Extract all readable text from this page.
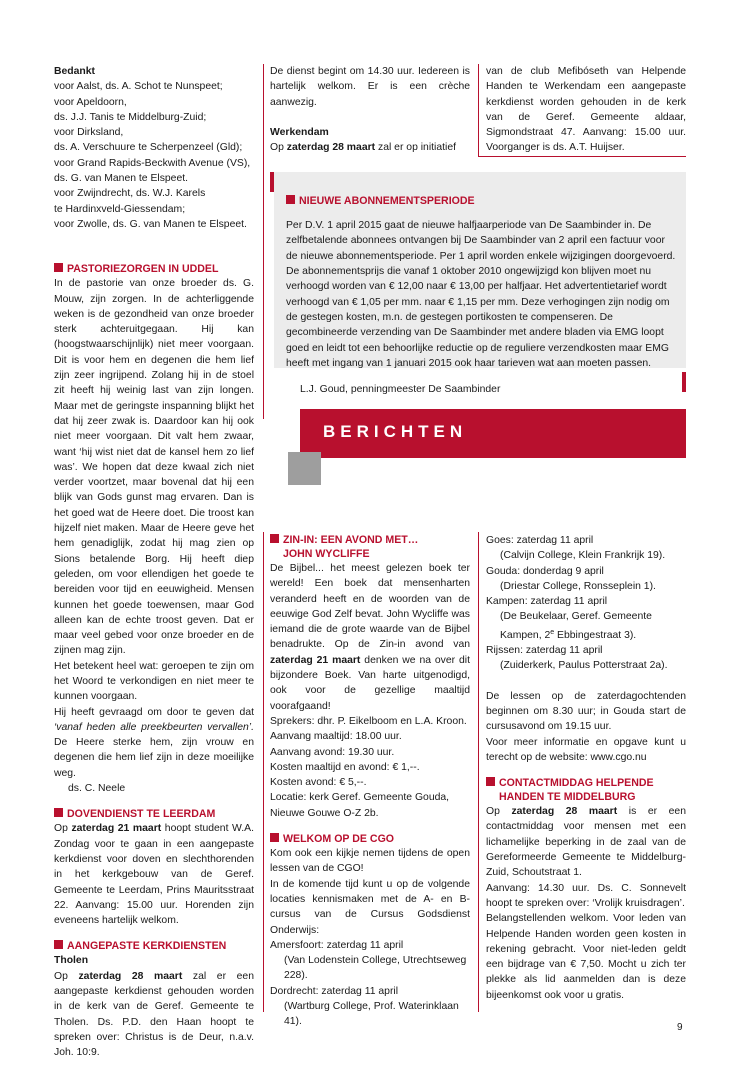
Bedankt

voor Aalst, ds. A. Schot te Nunspeet;

voor Apeldoorn,

ds. J.J. Tanis te Middelburg-Zuid;

voor Dirksland,

ds. A. Verschuure te Scherpenzeel (Gld);

voor Grand Rapids-Beckwith Avenue (VS),

ds. G. van Manen te Elspeet.

voor Zwijndrecht, ds. W.J. Karels

te Hardinxveld-Giessendam;

voor Zwolle, ds. G. van Manen te Elspeet.

PASTORIEZORGEN IN UDDEL

In de pastorie van onze broeder ds. G. Mouw, zijn zorgen. In de achterliggende weken is de gezondheid van onze broeder sterk achteruitgegaan. Hij kan (hoogstwaarschijnlijk) niet meer voorgaan. Dit is voor hem en degenen die hem lief zijn zeer ingrijpend. Zolang hij in de stoel zit heeft hij weinig last van zijn longen. Maar met de geringste inspanning blijkt het dat hij zeer zwak is. Daardoor kan hij ook niet meer voorgaan. Dit valt hem zwaar, want ‘hij wist niet dat de kansel hem zo lief was’. We hopen dat deze kwaal zich niet verder voortzet, maar bovenal dat hij een blijk van Gods gunst mag ervaren. Dan is het goed wat de Heere doet. Die troost kan hijzelf niet maken. Maar de Heere geve het hem genadiglijk, zodat hij mag zien op Sions betalende Borg. Hij heeft diep geleden, om voor ellendigen het goede te bereiden voor tijd en eeuwigheid. Mensen kunnen het goede toewensen, maar God alleen kan de echte troost geven. Dat er maar veel gebed voor onze broeder en de zijnen mag zijn.

Het betekent heel wat: geroepen te zijn om het Woord te verkondigen en niet meer te kunnen voorgaan.

Hij heeft gevraagd om door te geven dat ‘vanaf heden alle preekbeurten vervallen’. De Heere sterke hem, zijn vrouw en degenen die hem lief zijn in deze moeilijke weg.

ds. C. Neele

DOVENDIENST TE LEERDAM

Op zaterdag 21 maart hoopt student W.A. Zondag voor te gaan in een aangepaste kerkdienst voor doven en slechthorenden in het kerkgebouw van de Geref. Gemeente te Leerdam, Prins Mauritsstraat 22. Aanvang: 15.00 uur. Horenden zijn eveneens hartelijk welkom.

AANGEPASTE KERKDIENSTEN

Tholen

Op zaterdag 28 maart zal er een aangepaste kerkdienst gehouden worden in de kerk van de Geref. Gemeente te Tholen. Ds. P.D. den Haan hoopt te spreken over: Christus is de Deur, n.a.v. Joh. 10:9.

De dienst begint om 14.30 uur. Iedereen is hartelijk welkom. Er is een crèche aanwezig.

Werkendam

Op zaterdag 28 maart zal er op initiatief

van de club Mefibóseth van Helpende Handen te Werkendam een aangepaste kerkdienst worden gehouden in de kerk van de Geref. Gemeente aldaar, Sigmondstraat 47. Aanvang: 15.00 uur. Voorganger is ds. A.T. Huijser.

NIEUWE ABONNEMENTSPERIODE

Per D.V. 1 april 2015 gaat de nieuwe halfjaarperiode van De Saambinder in. De zelfbetalende abonnees ontvangen bij De Saambinder van 2 april een factuur voor de nieuwe abonnementsperiode. Per 1 april worden enkele wijzigingen doorgevoerd. De abonnementsprijs die vanaf 1 oktober 2010 ongewijzigd kon blijven moet nu verhoogd worden van € 12,00 naar € 13,00 per halfjaar. Het advertentietarief wordt verhoogd van € 1,05 per mm. naar € 1,15 per mm. Deze verhogingen zijn nodig om de gestegen kosten, m.n. de gestegen portikosten te compenseren. De gecombineerde verzending van De Saambinder met andere bladen via EMG loopt goed en leidt tot een behoorlijke reductie op de reguliere verzendkosten maar EMG heeft met ingang van 1 januari 2015 ook haar tarieven wat aan moeten passen.

L.J. Goud, penningmeester De Saambinder

BERICHTEN

ZIN-IN: EEN AVOND MET…

JOHN WYCLIFFE

De Bijbel... het meest gelezen boek ter wereld! Een boek dat mensenharten veranderd heeft en de woorden van de eeuwige God Zelf bevat. John Wycliffe was iemand die de grote waarde van de Bijbel benadrukte. Op de Zin-in avond van zaterdag 21 maart denken we na over dit bijzondere Boek. Van harte uitgenodigd, ook voor de gezellige maaltijd voorafgaand!

Sprekers: dhr. P. Eikelboom en L.A. Kroon.

Aanvang maaltijd: 18.00 uur.

Aanvang avond: 19.30 uur.

Kosten maaltijd en avond: € 1,--.

Kosten avond: € 5,--.

Locatie: kerk Geref. Gemeente Gouda,

Nieuwe Gouwe O-Z 2b.

WELKOM OP DE CGO

Kom ook een kijkje nemen tijdens de open lessen van de CGO!

In de komende tijd kunt u op de volgende locaties kennismaken met de A- en B-cursus van de Cursus Godsdienst Onderwijs:

Amersfoort: zaterdag 11 april

(Van Lodenstein College, Utrechtseweg 228).

Dordrecht: zaterdag 11 april

(Wartburg College, Prof. Waterinklaan 41).

Goes: zaterdag 11 april

(Calvijn College, Klein Frankrijk 19).

Gouda: donderdag 9 april

(Driestar College, Ronsseplein 1).

Kampen: zaterdag 11 april

(De Beukelaar, Geref. Gemeente Kampen, 2e Ebbingestraat 3).

Rijssen: zaterdag 11 april

(Zuiderkerk, Paulus Potterstraat 2a).

De lessen op de zaterdagochtenden beginnen om 8.30 uur; in Gouda start de cursusavond om 19.15 uur.

Voor meer informatie en opgave kunt u terecht op de website: www.cgo.nu

CONTACTMIDDAG HELPENDE

HANDEN TE MIDDELBURG

Op zaterdag 28 maart is er een contactmiddag voor mensen met een lichamelijke beperking in de zaal van de Gereformeerde Gemeente te Middelburg-Zuid, Schoutstraat 1.

Aanvang: 14.30 uur. Ds. C. Sonnevelt hoopt te spreken over: ‘Vrolijk kruisdragen’.

Belangstellenden welkom. Voor leden van Helpende Handen worden geen kosten in rekening gebracht. Voor niet-leden geldt een bijdrage van € 7,50. Mocht u zich ter plekke als lid aanmelden dan is deze bijeenkomst ook voor u gratis.

9
